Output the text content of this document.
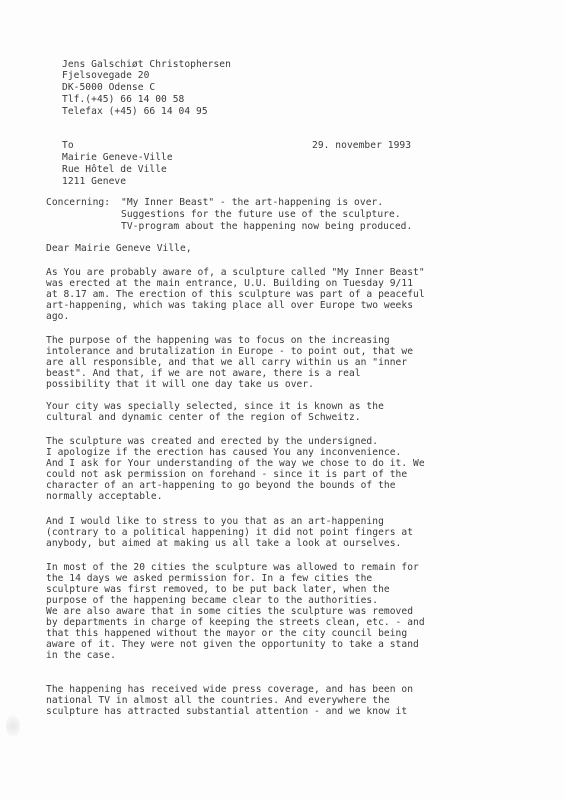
Jens Galschiøt Christophersen
Fjelsovegade 20
DK-5000 Odense C
Tlf.(+45) 66 14 00 58
Telefax (+45) 66 14 04 95
To
Mairie Geneve-Ville
Rue Hôtel de Ville
1211 Geneve
29. november 1993
Concerning: "My Inner Beast" - the art-happening is over.
Suggestions for the future use of the sculpture.
TV-program about the happening now being produced.
Dear Mairie Geneve Ville,
As You are probably aware of, a sculpture called "My Inner Beast"
was erected at the main entrance, U.U. Building on Tuesday 9/11
at 8.17 am. The erection of this sculpture was part of a peaceful
art-happening, which was taking place all over Europe two weeks
ago.
The purpose of the happening was to focus on the increasing
intolerance and brutalization in Europe - to point out, that we
are all responsible, and that we all carry within us an "inner
beast". And that, if we are not aware, there is a real
possibility that it will one day take us over.
Your city was specially selected, since it is known as the
cultural and dynamic center of the region of Schweitz.
The sculpture was created and erected by the undersigned.
I apologize if the erection has caused You any inconvenience.
And I ask for Your understanding of the way we chose to do it. We
could not ask permission on forehand - since it is part of the
character of an art-happening to go beyond the bounds of the
normally acceptable.
And I would like to stress to you that as an art-happening
(contrary to a political happening) it did not point fingers at
anybody, but aimed at making us all take a look at ourselves.
In most of the 20 cities the sculpture was allowed to remain for
the 14 days we asked permission for. In a few cities the
sculpture was first removed, to be put back later, when the
purpose of the happening became clear to the authorities.
We are also aware that in some cities the sculpture was removed
by departments in charge of keeping the streets clean, etc. - and
that this happened without the mayor or the city council being
aware of it. They were not given the opportunity to take a stand
in the case.
The happening has received wide press coverage, and has been on
national TV in almost all the countries. And everywhere the
sculpture has attracted substantial attention - and we know it
